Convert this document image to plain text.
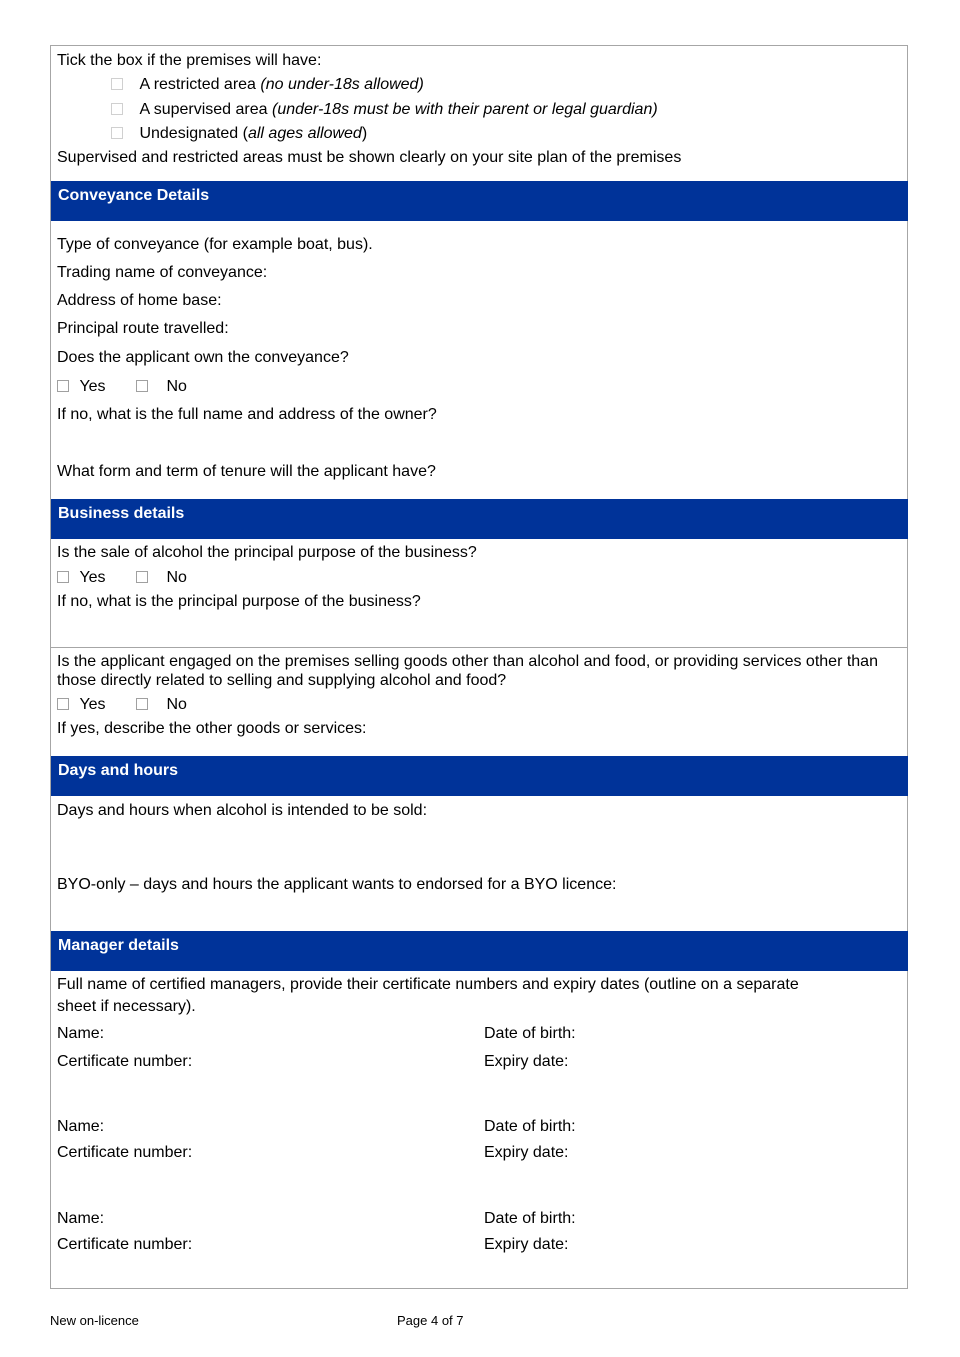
Tick the box if the premises will have:
A restricted area (no under-18s allowed)
A supervised area (under-18s must be with their parent or legal guardian)
Undesignated (all ages allowed)
Supervised and restricted areas must be shown clearly on your site plan of the premises
Conveyance Details
Type of conveyance (for example boat, bus).
Trading name of conveyance:
Address of home base:
Principal route travelled:
Does the applicant own the conveyance?
Yes	No
If no, what is the full name and address of the owner?
What form and term of tenure will the applicant have?
Business details
Is the sale of alcohol the principal purpose of the business?
Yes	No
If no, what is the principal purpose of the business?
Is the applicant engaged on the premises selling goods other than alcohol and food, or providing services other than
those directly related to selling and supplying alcohol and food?
Yes	No
If yes, describe the other goods or services:
Days and hours
Days and hours when alcohol is intended to be sold:
BYO-only – days and hours the applicant wants to endorsed for a BYO licence:
Manager details
Full name of certified managers, provide their certificate numbers and expiry dates (outline on a separate
sheet if necessary).
Name:	Date of birth:
Certificate number:	Expiry date:
Name:	Date of birth:
Certificate number:	Expiry date:
Name:	Date of birth:
Certificate number:	Expiry date:
New on-licence	Page 4 of 7
